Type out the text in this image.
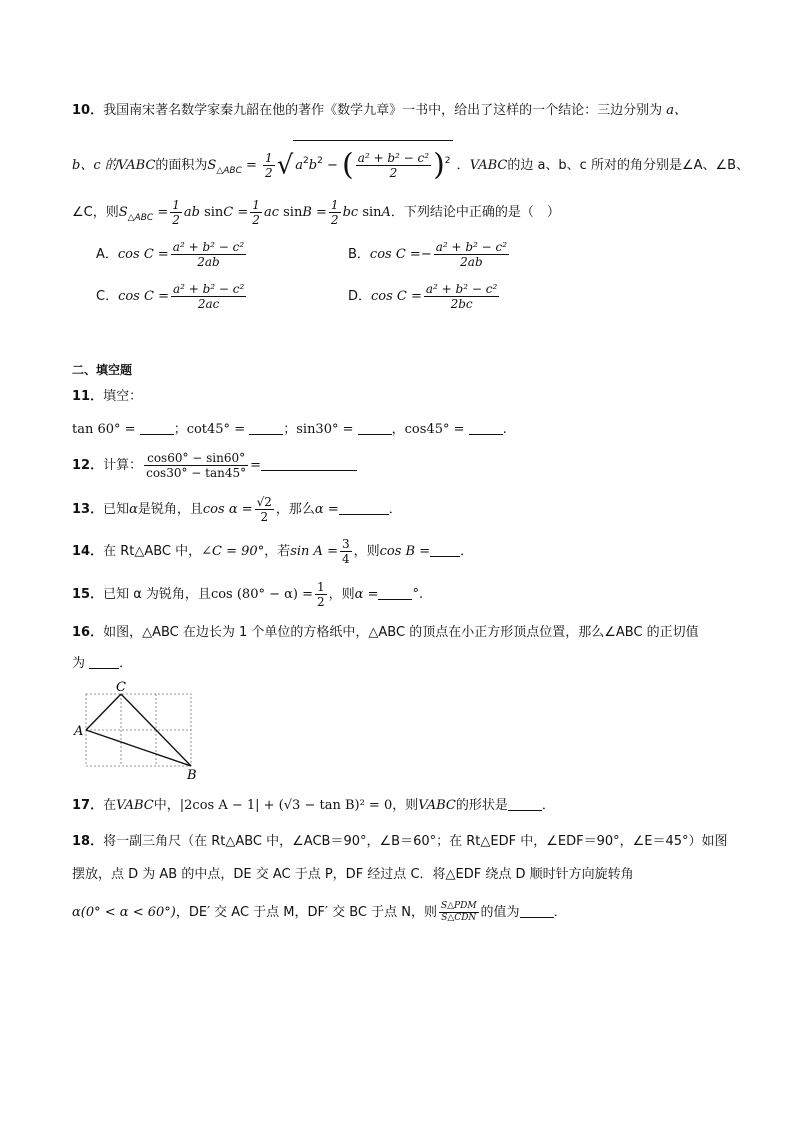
10．我国南宋著名数学家秦九韶在他的著作《数学九章》一书中，给出了这样的一个结论：三边分别为 a、
b、c 的VABC的面积为$S_{\triangle ABC} = \frac{1}{2}$ √ $a^2b^2$ − ( $\frac{\text{a² + b² − c²}}{2} )^2$ ．VABC的边 a、b、c 所对的角分别是∠A、∠B、
∠C，则$S_{\triangle ABC} = \frac{1}{2}$ ab $\sin C = \frac{1}{2}$ ac $\sin B = \frac{1}{2}$ bc sinA．下列结论中正确的是（　）
A．$\cos C = \frac{\text{a² + b² − c²}}{2ab}$	B．$\cos C =- \frac{\text{a² + b² − c²}}{2ab}$
C．$\cos C = \frac{\text{a² + b² − c²}}{2ac}$	D．$\cos C = \frac{\text{a² + b² − c²}}{2bc}$
二、填空题
11．填空：
tan 60° =	；cot45° =	；sin30° =	，cos45° =	.
12．计算： $\frac{\cos 60^\circ - \sin 60^\circ}{\cos 30^\circ - \tan 45^\circ}$ =
13．已知α是锐角，且$\cos \alpha = \frac{√2}{2}$ ，那么α =	．
14．在 Rt△ABC 中，∠C = 90°，若$\sin A = \frac{3}{4}$ ，则cos B = ．
15．已知 α 为锐角，且$\cos (80^\circ - \alpha) = \frac{1}{2}$ ，则α =	°.
16．如图，△ABC 在边长为 1 个单位的方格纸中，△ABC 的顶点在小正方形顶点位置，那么∠ABC 的正切值
为	．
C
A
B
17．在VABC中，|2cos A − 1| + (√3 − tan B)² = 0，则VABC的形状是	．
18．将一副三角尺（在 Rt△ABC 中，∠ACB＝90°，∠B＝60°；在 Rt△EDF 中，∠EDF＝90°，∠E＝45°）如图
摆放，点 D 为 AB 的中点，DE 交 AC 于点 P，DF 经过点 C．将△EDF 绕点 D 顺时针方向旋转角
α(0° < α < 60°)，DE′ 交 AC 于点 M，DF′ 交 BC 于点 N，则 $\frac{\text{S△PDM}}{\text{S△CDN}}$ 的值为	．
